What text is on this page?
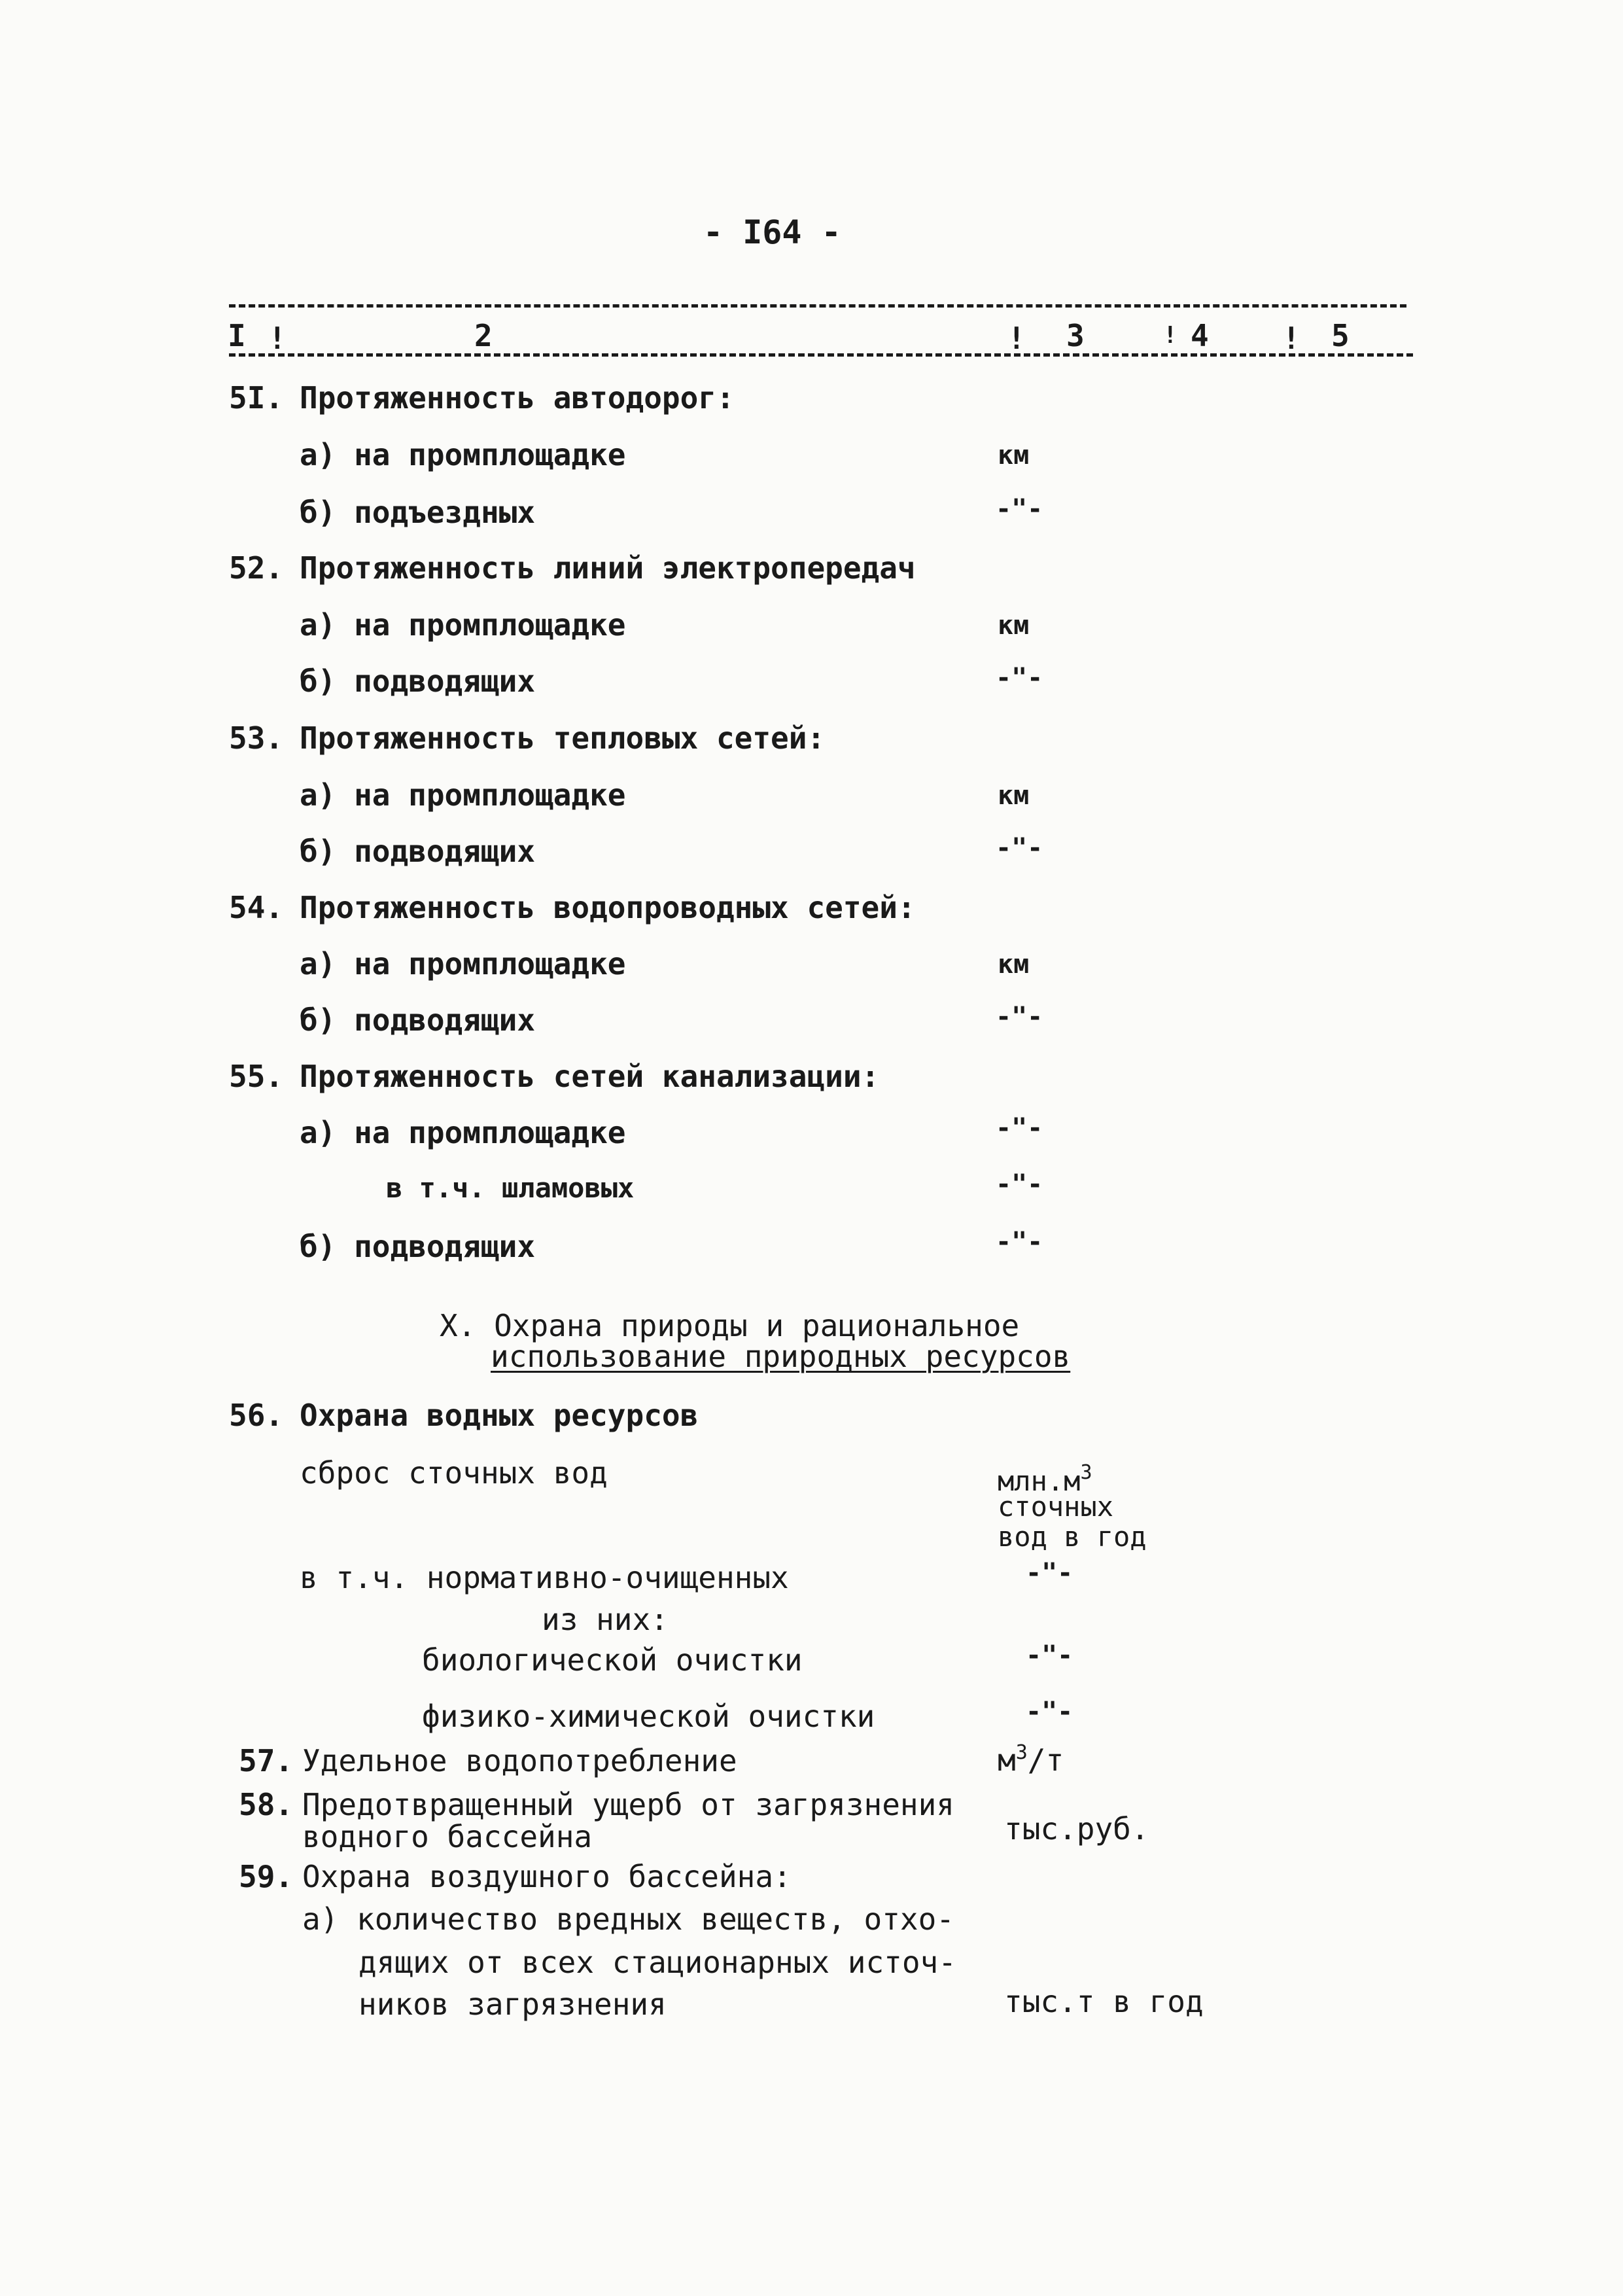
- I64 -
I !	2	! 3	! 4 ! 5
5I. Протяженность автодорог:
а) на промплощадке	км
б) подъездных	-"-
52. Протяженность линий электропередач
а) на промплощадке	км
б) подводящих	-"-
53. Протяженность тепловых сетей:
а) на промплощадке	км
б) подводящих	-"-
54. Протяженность водопроводных сетей:
а) на промплощадке	км
б) подводящих	-"-
55. Протяженность сетей канализации:
а) на промплощадке	-"-
в т.ч. шламовых	-"-
б) подводящих	-"-
X. Охрана природы и рациональное
использование природных ресурсов
56. Охрана водных ресурсов
сброс сточных вод	$млн.м^3$
сточных
вод в год
в т.ч. нормативно-очищенных	-"-
из них:
биологической очистки	-"-
физико-химической очистки	-"-
57. Удельное водопотребление	$м^3/т$
58. Предотвращенный ущерб от загрязнения
водного бассейна	тыс.руб.
59. Охрана воздушного бассейна:
а) количество вредных веществ, отхо-
дящих от всех стационарных источ-
ников загрязнения	тыс.т в год
